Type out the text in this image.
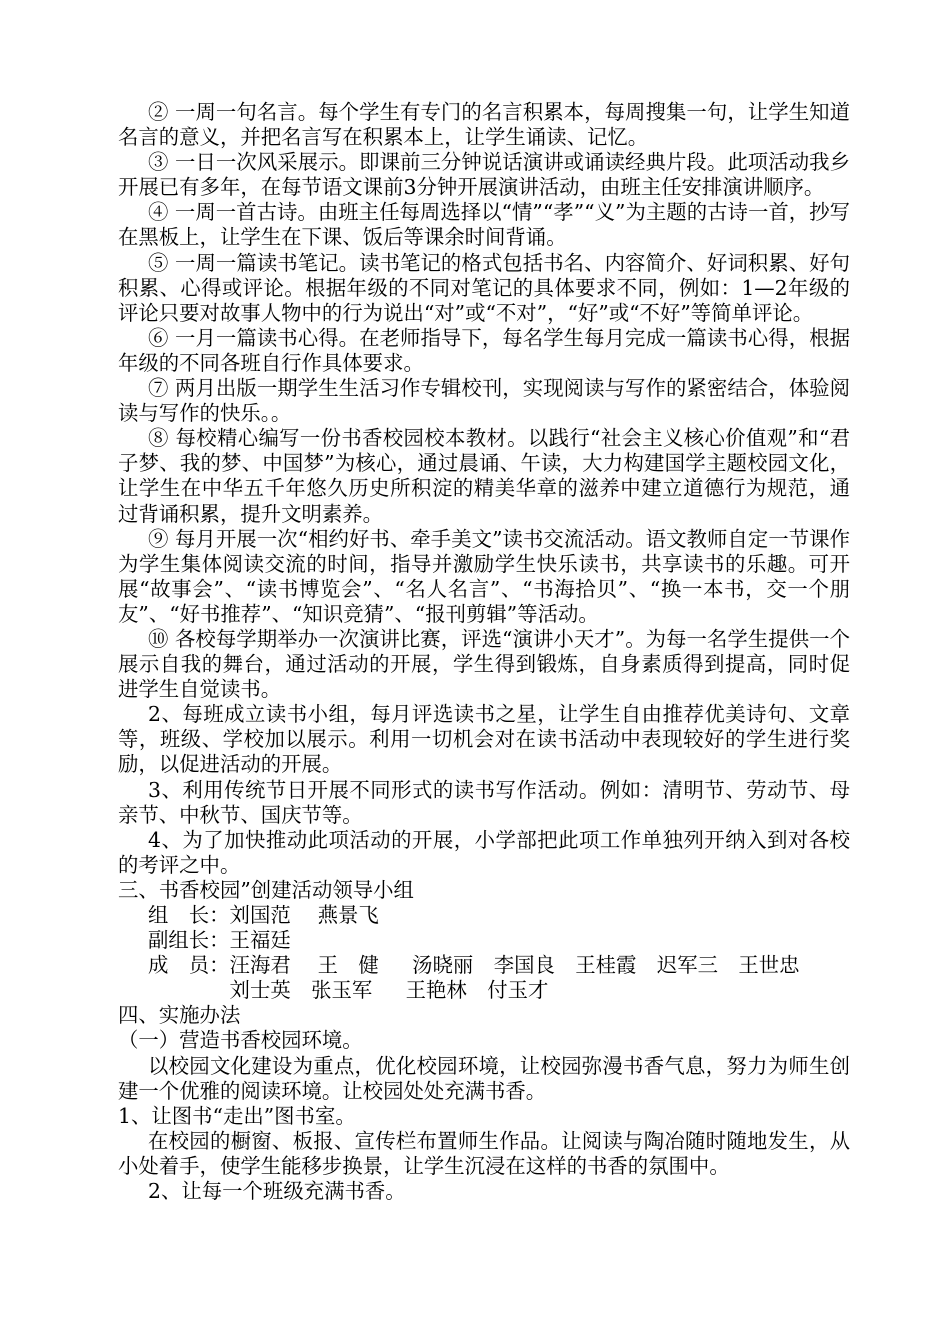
② 一周一句名言。每个学生有专门的名言积累本，每周搜集一句，让学生知道名言的意义，并把名言写在积累本上，让学生诵读、记忆。

③ 一日一次风采展示。即课前三分钟说话演讲或诵读经典片段。此项活动我乡开展已有多年，在每节语文课前3分钟开展演讲活动，由班主任安排演讲顺序。

④ 一周一首古诗。由班主任每周选择以“情”“孝”“义”为主题的古诗一首，抄写在黑板上，让学生在下课、饭后等课余时间背诵。

⑤ 一周一篇读书笔记。读书笔记的格式包括书名、内容简介、好词积累、好句积累、心得或评论。根据年级的不同对笔记的具体要求不同，例如：1—2年级的评论只要对故事人物中的行为说出“对”或“不对”，“好”或“不好”等简单评论。

⑥ 一月一篇读书心得。在老师指导下，每名学生每月完成一篇读书心得，根据年级的不同各班自行作具体要求。

⑦ 两月出版一期学生生活习作专辑校刊，实现阅读与写作的紧密结合，体验阅读与写作的快乐。。

⑧ 每校精心编写一份书香校园校本教材。以践行“社会主义核心价值观”和“君子梦、我的梦、中国梦”为核心，通过晨诵、午读，大力构建国学主题校园文化，让学生在中华五千年悠久历史所积淀的精美华章的滋养中建立道德行为规范，通过背诵积累，提升文明素养。

⑨ 每月开展一次“相约好书、牵手美文”读书交流活动。语文教师自定一节课作为学生集体阅读交流的时间，指导并激励学生快乐读书，共享读书的乐趣。可开展“故事会”、“读书博览会”、“名人名言”、“书海拾贝”、“换一本书，交一个朋友”、“好书推荐”、“知识竞猜”、“报刊剪辑”等活动。

⑩ 各校每学期举办一次演讲比赛，评选“演讲小天才”。为每一名学生提供一个展示自我的舞台，通过活动的开展，学生得到锻炼，自身素质得到提高，同时促进学生自觉读书。

2、每班成立读书小组，每月评选读书之星，让学生自由推荐优美诗句、文章等，班级、学校加以展示。利用一切机会对在读书活动中表现较好的学生进行奖励，以促进活动的开展。

3、利用传统节日开展不同形式的读书写作活动。例如：清明节、劳动节、母亲节、中秋节、国庆节等。

4、为了加快推动此项活动的开展，小学部把此项工作单独列开纳入到对各校的考评之中。

三、书香校园”创建活动领导小组

组　长：刘国范　 燕景飞

副组长：王福廷

成　员：汪海君　 王　健　  汤晓丽　李国良　王桂霞　迟军三　王世忠

　　　　刘士英　张玉军　  王艳林　付玉才

四、实施办法

（一）营造书香校园环境。

以校园文化建设为重点，优化校园环境，让校园弥漫书香气息，努力为师生创建一个优雅的阅读环境。让校园处处充满书香。

1、让图书“走出”图书室。

在校园的橱窗、板报、宣传栏布置师生作品。让阅读与陶冶随时随地发生，从小处着手，使学生能移步换景，让学生沉浸在这样的书香的氛围中。

2、让每一个班级充满书香。
